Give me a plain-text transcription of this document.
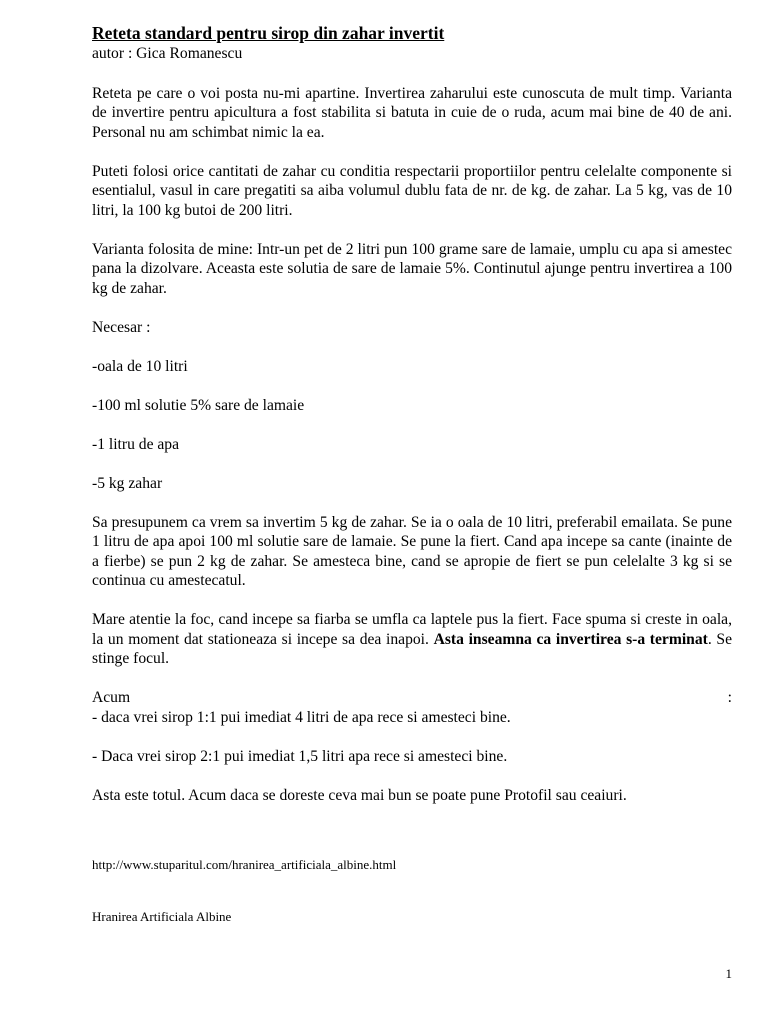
Reteta standard pentru sirop din zahar invertit
autor : Gica Romanescu

Reteta pe care o voi posta nu-mi apartine. Invertirea zaharului este cunoscuta de mult timp. Varianta de invertire pentru apicultura a fost stabilita si batuta in cuie de o ruda, acum mai bine de 40 de ani. Personal nu am schimbat nimic la ea.

Puteti folosi orice cantitati de zahar cu conditia respectarii proportiilor pentru celelalte componente si esentialul, vasul in care pregatiti sa aiba volumul dublu fata de nr. de kg. de zahar. La 5 kg, vas de 10 litri, la 100 kg butoi de 200 litri.

Varianta folosita de mine: Intr-un pet de 2 litri pun 100 grame sare de lamaie, umplu cu apa si amestec pana la dizolvare. Aceasta este solutia de sare de lamaie 5%. Continutul ajunge pentru invertirea a 100 kg de zahar.

Necesar :
-oala de 10 litri
-100 ml solutie 5% sare de lamaie
-1 litru de apa
-5 kg zahar

Sa presupunem ca vrem sa invertim 5 kg de zahar. Se ia o oala de 10 litri, preferabil emailata. Se pune 1 litru de apa apoi 100 ml solutie sare de lamaie. Se pune la fiert. Cand apa incepe sa cante (inainte de a fierbe) se pun 2 kg de zahar. Se amesteca bine, cand se apropie de fiert se pun celelalte 3 kg si se continua cu amestecatul.

Mare atentie la foc, cand incepe sa fiarba se umfla ca laptele pus la fiert. Face spuma si creste in oala, la un moment dat stationeaza si incepe sa dea inapoi. Asta inseamna ca invertirea s-a terminat. Se stinge focul.

Acum	:
- daca vrei sirop 1:1 pui imediat 4 litri de apa rece si amesteci bine.
- Daca vrei sirop 2:1 pui imediat 1,5 litri apa rece si amesteci bine.
Asta este totul. Acum daca se doreste ceva mai bun se poate pune Protofil sau ceaiuri.
http://www.stuparitul.com/hranirea_artificiala_albine.html
Hranirea Artificiala Albine
1
